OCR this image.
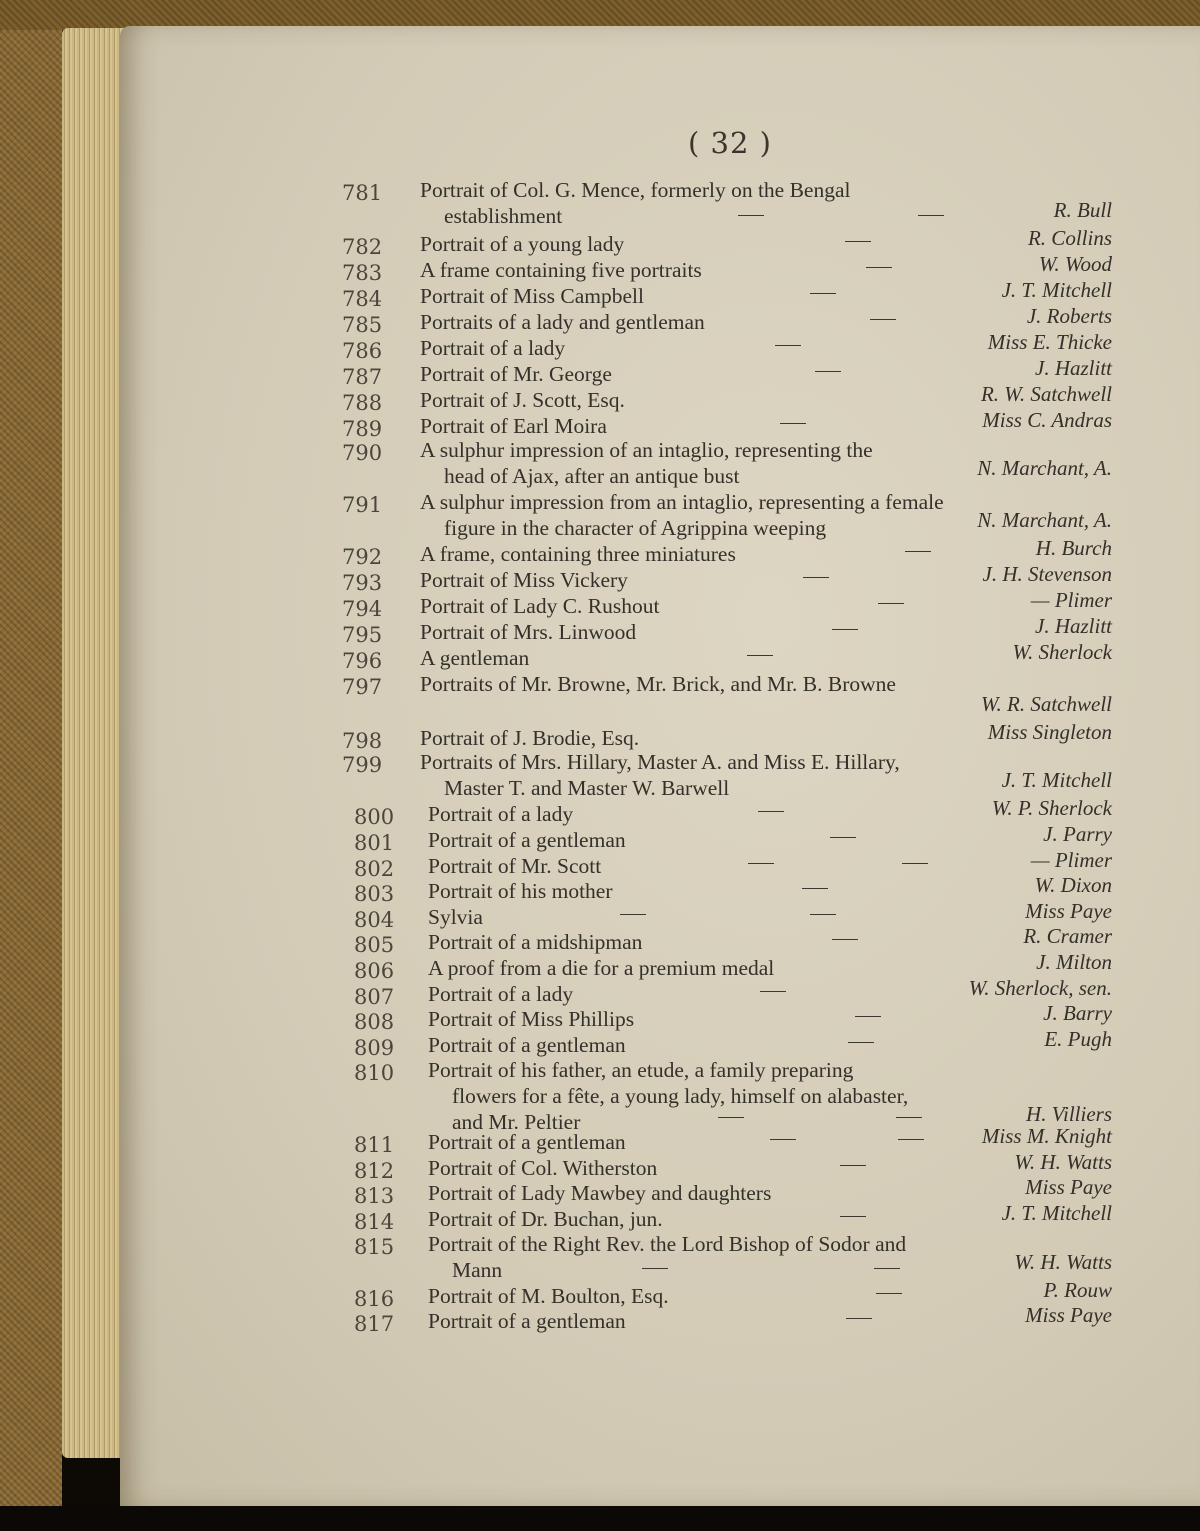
( 32 )
781 Portrait of Col. G. Mence, formerly on the Bengal
establishment	R. Bull
782 Portrait of a young lady	R. Collins
783 A frame containing five portraits	W. Wood
784 Portrait of Miss Campbell	J. T. Mitchell
785 Portraits of a lady and gentleman	J. Roberts
786 Portrait of a lady	Miss E. Thicke
787 Portrait of Mr. George	J. Hazlitt
788 Portrait of J. Scott, Esq.	R. W. Satchwell
789 Portrait of Earl Moira	Miss C. Andras
790 A sulphur impression of an intaglio, representing the
head of Ajax, after an antique bust	N. Marchant, A.
791 A sulphur impression from an intaglio, representing a female
figure in the character of Agrippina weeping	N. Marchant, A.
792 A frame, containing three miniatures	H. Burch
793 Portrait of Miss Vickery	J. H. Stevenson
794 Portrait of Lady C. Rushout	— Plimer
795 Portrait of Mrs. Linwood	J. Hazlitt
796 A gentleman	W. Sherlock
797 Portraits of Mr. Browne, Mr. Brick, and Mr. B. Browne
W. R. Satchwell
798 Portrait of J. Brodie, Esq.	Miss Singleton
799 Portraits of Mrs. Hillary, Master A. and Miss E. Hillary,
Master T. and Master W. Barwell	J. T. Mitchell
800 Portrait of a lady	W. P. Sherlock
801 Portrait of a gentleman	J. Parry
802 Portrait of Mr. Scott	— Plimer
803 Portrait of his mother	W. Dixon
804 Sylvia	Miss Paye
805 Portrait of a midshipman	R. Cramer
806 A proof from a die for a premium medal	J. Milton
807 Portrait of a lady	W. Sherlock, sen.
808 Portrait of Miss Phillips	J. Barry
809 Portrait of a gentleman	E. Pugh
810 Portrait of his father, an etude, a family preparing
flowers for a fête, a young lady, himself on alabaster,
and Mr. Peltier	H. Villiers
811 Portrait of a gentleman	Miss M. Knight
812 Portrait of Col. Witherston	W. H. Watts
813 Portrait of Lady Mawbey and daughters	Miss Paye
814 Portrait of Dr. Buchan, jun.	J. T. Mitchell
815 Portrait of the Right Rev. the Lord Bishop of Sodor and
Mann	W. H. Watts
816 Portrait of M. Boulton, Esq.	P. Rouw
817 Portrait of a gentleman	Miss Paye
